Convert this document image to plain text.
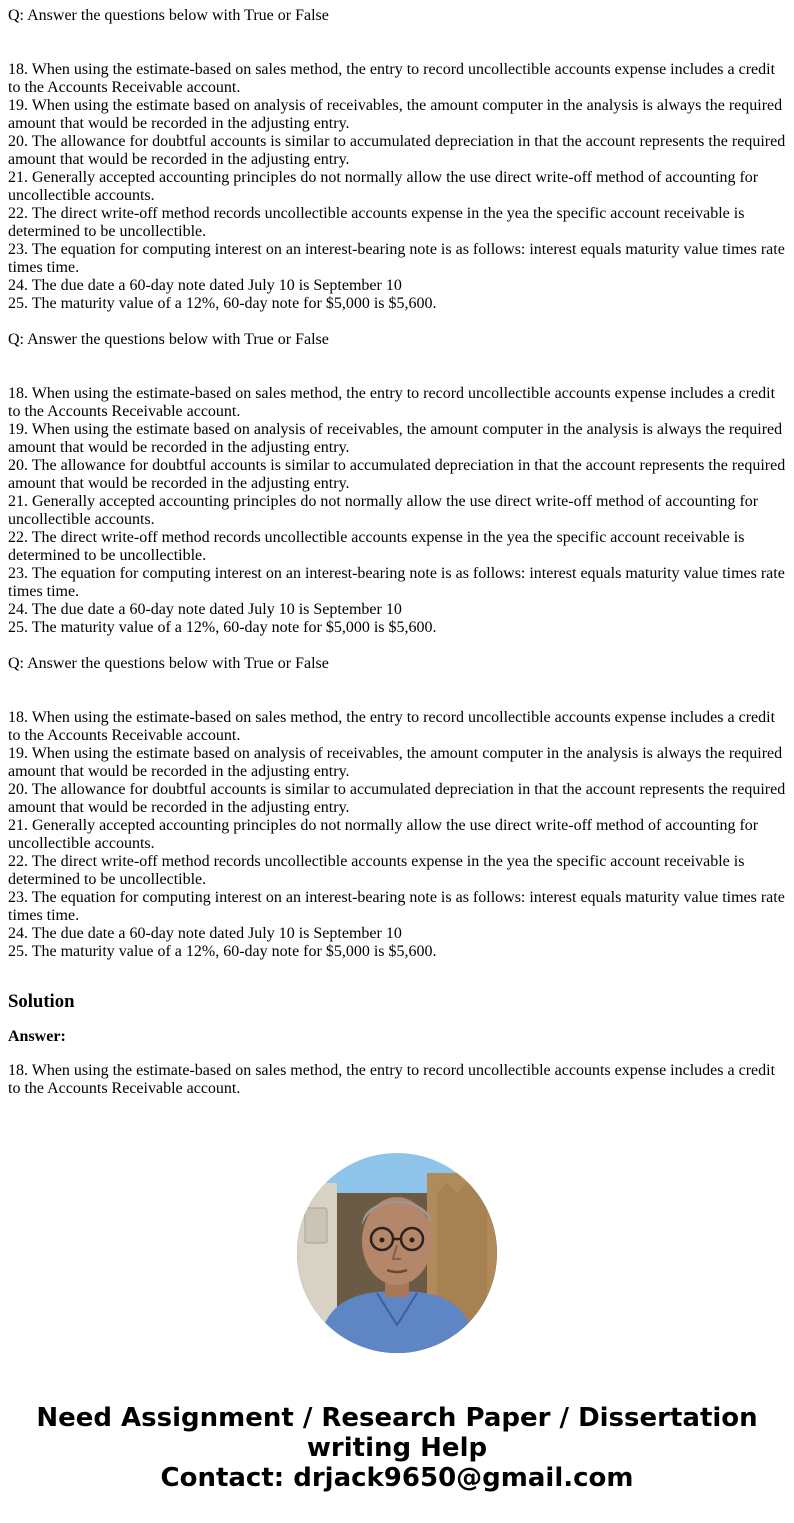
Q: Answer the questions below with True or False
18. When using the estimate-based on sales method, the entry to record uncollectible accounts expense includes a credit to the Accounts Receivable account.
19. When using the estimate based on analysis of receivables, the amount computer in the analysis is always the required amount that would be recorded in the adjusting entry.
20. The allowance for doubtful accounts is similar to accumulated depreciation in that the account represents the required amount that would be recorded in the adjusting entry.
21. Generally accepted accounting principles do not normally allow the use direct write-off method of accounting for uncollectible accounts.
22. The direct write-off method records uncollectible accounts expense in the yea the specific account receivable is determined to be uncollectible.
23. The equation for computing interest on an interest-bearing note is as follows: interest equals maturity value times rate times time.
24. The due date a 60-day note dated July 10 is September 10
25. The maturity value of a 12%, 60-day note for $5,000 is $5,600.
Q: Answer the questions below with True or False
18. When using the estimate-based on sales method, the entry to record uncollectible accounts expense includes a credit to the Accounts Receivable account.
19. When using the estimate based on analysis of receivables, the amount computer in the analysis is always the required amount that would be recorded in the adjusting entry.
20. The allowance for doubtful accounts is similar to accumulated depreciation in that the account represents the required amount that would be recorded in the adjusting entry.
21. Generally accepted accounting principles do not normally allow the use direct write-off method of accounting for uncollectible accounts.
22. The direct write-off method records uncollectible accounts expense in the yea the specific account receivable is determined to be uncollectible.
23. The equation for computing interest on an interest-bearing note is as follows: interest equals maturity value times rate times time.
24. The due date a 60-day note dated July 10 is September 10
25. The maturity value of a 12%, 60-day note for $5,000 is $5,600.
Q: Answer the questions below with True or False
18. When using the estimate-based on sales method, the entry to record uncollectible accounts expense includes a credit to the Accounts Receivable account.
19. When using the estimate based on analysis of receivables, the amount computer in the analysis is always the required amount that would be recorded in the adjusting entry.
20. The allowance for doubtful accounts is similar to accumulated depreciation in that the account represents the required amount that would be recorded in the adjusting entry.
21. Generally accepted accounting principles do not normally allow the use direct write-off method of accounting for uncollectible accounts.
22. The direct write-off method records uncollectible accounts expense in the yea the specific account receivable is determined to be uncollectible.
23. The equation for computing interest on an interest-bearing note is as follows: interest equals maturity value times rate times time.
24. The due date a 60-day note dated July 10 is September 10
25. The maturity value of a 12%, 60-day note for $5,000 is $5,600.
Solution
Answer:
18. When using the estimate-based on sales method, the entry to record uncollectible accounts expense includes a credit to the Accounts Receivable account.
Need Assignment / Research Paper / Dissertation
writing Help
Contact: drjack9650@gmail.com
